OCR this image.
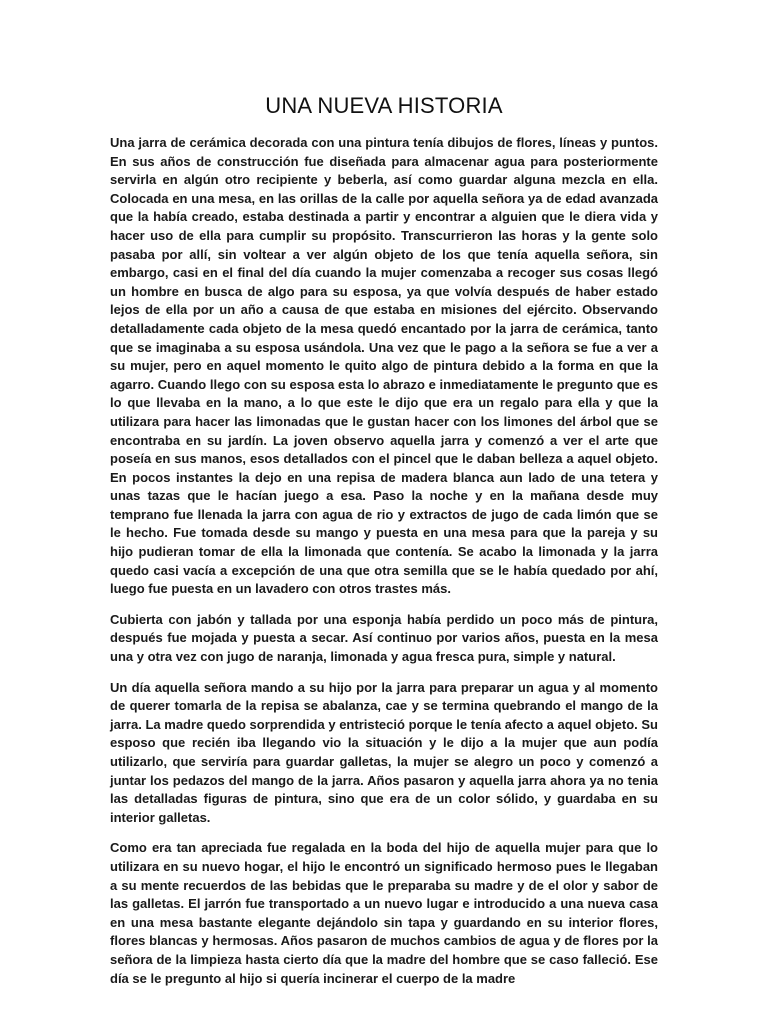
UNA NUEVA HISTORIA

Una jarra de cerámica decorada con una pintura tenía dibujos de flores, líneas y puntos. En sus años de construcción fue diseñada para almacenar agua para posteriormente servirla en algún otro recipiente y beberla, así como guardar alguna mezcla en ella. Colocada en una mesa, en las orillas de la calle por aquella señora ya de edad avanzada que la había creado, estaba destinada a partir y encontrar a alguien que le diera vida y hacer uso de ella para cumplir su propósito. Transcurrieron las horas y la gente solo pasaba por allí, sin voltear a ver algún objeto de los que tenía aquella señora, sin embargo, casi en el final del día cuando la mujer comenzaba a recoger sus cosas llegó un hombre en busca de algo para su esposa, ya que volvía después de haber estado lejos de ella por un año a causa de que estaba en misiones del ejército. Observando detalladamente cada objeto de la mesa quedó encantado por la jarra de cerámica, tanto que se imaginaba a su esposa usándola. Una vez que le pago a la señora se fue a ver a su mujer, pero en aquel momento le quito algo de pintura debido a la forma en que la agarro. Cuando llego con su esposa esta lo abrazo e inmediatamente le pregunto que es lo que llevaba en la mano, a lo que este le dijo que era un regalo para ella y que la utilizara para hacer las limonadas que le gustan hacer con los limones del árbol que se encontraba en su jardín. La joven observo aquella jarra y comenzó a ver el arte que poseía en sus manos, esos detallados con el pincel que le daban belleza a aquel objeto. En pocos instantes la dejo en una repisa de madera blanca aun lado de una tetera y unas tazas que le hacían juego a esa. Paso la noche y en la mañana desde muy temprano fue llenada la jarra con agua de rio y extractos de jugo de cada limón que se le hecho. Fue tomada desde su mango y puesta en una mesa para que la pareja y su hijo pudieran tomar de ella la limonada que contenía. Se acabo la limonada y la jarra quedo casi vacía a excepción de una que otra semilla que se le había quedado por ahí, luego fue puesta en un lavadero con otros trastes más.

Cubierta con jabón y tallada por una esponja había perdido un poco más de pintura, después fue mojada y puesta a secar. Así continuo por varios años, puesta en la mesa una y otra vez con jugo de naranja, limonada y agua fresca pura, simple y natural.

Un día aquella señora mando a su hijo por la jarra para preparar un agua y al momento de querer tomarla de la repisa se abalanza, cae y se termina quebrando el mango de la jarra. La madre quedo sorprendida y entristeció porque le tenía afecto a aquel objeto. Su esposo que recién iba llegando vio la situación y le dijo a la mujer que aun podía utilizarlo, que serviría para guardar galletas, la mujer se alegro un poco y comenzó a juntar los pedazos del mango de la jarra. Años pasaron y aquella jarra ahora ya no tenia las detalladas figuras de pintura, sino que era de un color sólido, y guardaba en su interior galletas.

Como era tan apreciada fue regalada en la boda del hijo de aquella mujer para que lo utilizara en su nuevo hogar, el hijo le encontró un significado hermoso pues le llegaban a su mente recuerdos de las bebidas que le preparaba su madre y de el olor y sabor de las galletas. El jarrón fue transportado a un nuevo lugar e introducido a una nueva casa en una mesa bastante elegante dejándolo sin tapa y guardando en su interior flores, flores blancas y hermosas. Años pasaron de muchos cambios de agua y de flores por la señora de la limpieza hasta cierto día que la madre del hombre que se caso falleció. Ese día se le pregunto al hijo si quería incinerar el cuerpo de la madre
